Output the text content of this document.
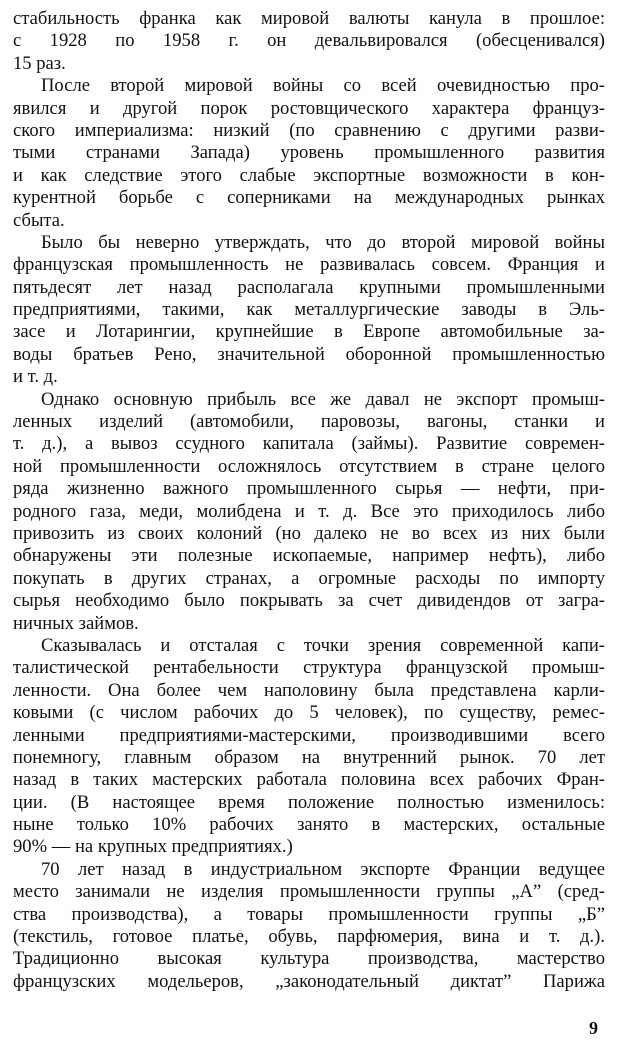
стабильность франка как мировой валюты канула в прошлое:
с 1928 по 1958 г. он девальвировался (обесценивался)
15 раз.
После второй мировой войны со всей очевидностью про-
явился и другой порок ростовщического характера француз-
ского империализма: низкий (по сравнению с другими разви-
тыми странами Запада) уровень промышленного развития
и как следствие этого слабые экспортные возможности в кон-
курентной борьбе с соперниками на международных рынках
сбыта.
Было бы неверно утверждать, что до второй мировой войны
французская промышленность не развивалась совсем. Франция и
пятьдесят лет назад располагала крупными промышленными
предприятиями, такими, как металлургические заводы в Эль-
засе и Лотарингии, крупнейшие в Европе автомобильные за-
воды братьев Рено, значительной оборонной промышленностью
и т. д.
Однако основную прибыль все же давал не экспорт промыш-
ленных изделий (автомобили, паровозы, вагоны, станки и
т. д.), а вывоз ссудного капитала (займы). Развитие современ-
ной промышленности осложнялось отсутствием в стране целого
ряда жизненно важного промышленного сырья — нефти, при-
родного газа, меди, молибдена и т. д. Все это приходилось либо
привозить из своих колоний (но далеко не во всех из них были
обнаружены эти полезные ископаемые, например нефть), либо
покупать в других странах, а огромные расходы по импорту
сырья необходимо было покрывать за счет дивидендов от загра-
ничных займов.
Сказывалась и отсталая с точки зрения современной капи-
талистической рентабельности структура французской промыш-
ленности. Она более чем наполовину была представлена карли-
ковыми (с числом рабочих до 5 человек), по существу, ремес-
ленными предприятиями-мастерскими, производившими всего
понемногу, главным образом на внутренний рынок. 70 лет
назад в таких мастерских работала половина всех рабочих Фран-
ции. (В настоящее время положение полностью изменилось:
ныне только 10% рабочих занято в мастерских, остальные
90% — на крупных предприятиях.)
70 лет назад в индустриальном экспорте Франции ведущее
место занимали не изделия промышленности группы „А” (сред-
ства производства), а товары промышленности группы „Б”
(текстиль, готовое платье, обувь, парфюмерия, вина и т. д.).
Традиционно высокая культура производства, мастерство
французских модельеров, „законодательный диктат” Парижа
9
